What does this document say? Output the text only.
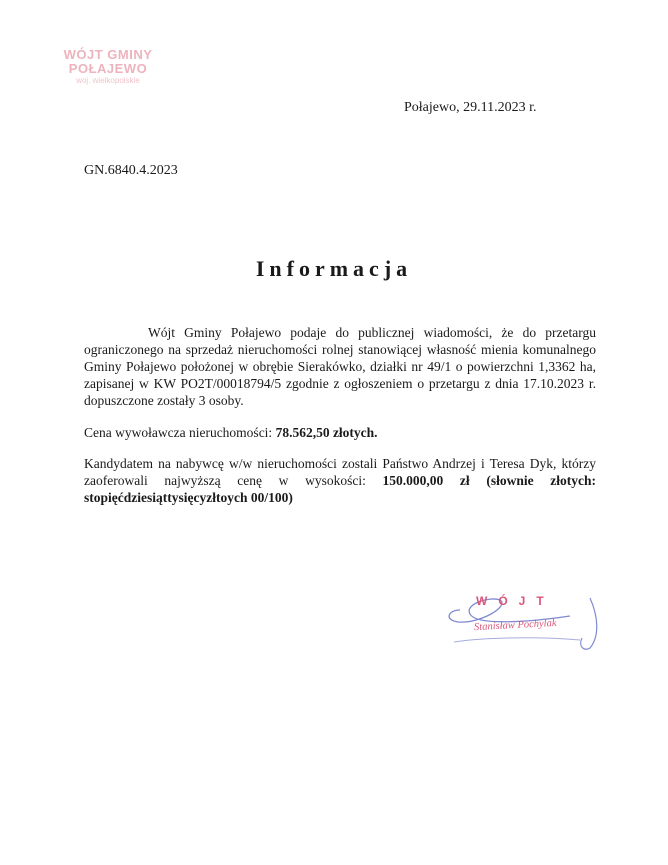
WÓJT GMINY
POŁAJEWO
woj. wielkopolskie
Połajewo, 29.11.2023 r.
GN.6840.4.2023
Informacja
Wójt Gminy Połajewo podaje do publicznej wiadomości, że do przetargu ograniczonego na sprzedaż nieruchomości rolnej stanowiącej własność mienia komunalnego Gminy Połajewo położonej w obrębie Sierakówko, działki nr 49/1 o powierzchni 1,3362 ha, zapisanej w KW PO2T/00018794/5 zgodnie z ogłoszeniem o przetargu z dnia 17.10.2023 r. dopuszczone zostały 3 osoby.
Cena wywoławcza nieruchomości: 78.562,50 złotych.
Kandydatem na nabywcę w/w nieruchomości zostali Państwo Andrzej i Teresa Dyk, którzy zaoferowali najwyższą cenę w wysokości: 150.000,00 zł (słownie złotych: stopięćdziesiąttysięcyzłtoych 00/100)
WÓJT
Stanisław Pochylak
